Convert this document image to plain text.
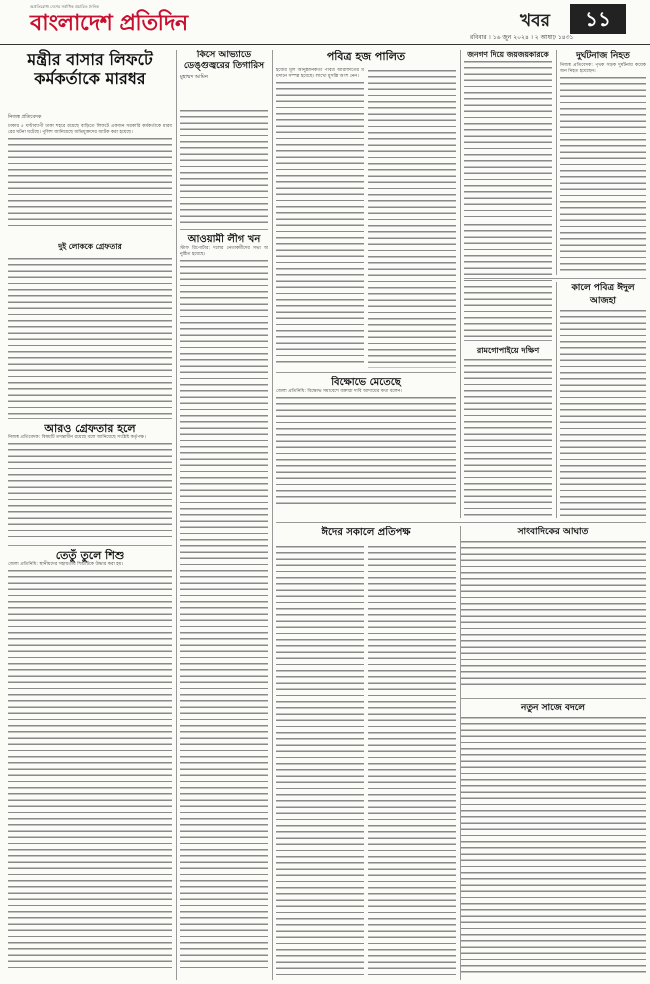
অপ্রতিরোধ্য দেশের সর্বাধিক প্রচারিত দৈনিক
বাংলাদেশ প্রতিদিন	খবর	১১
রবিবার । ১৬ জুন ২০২৪ । ২ আষাঢ় ১৪৩১
মন্ত্রীর বাসার লিফটে কর্মকর্তাকে মারধর
নিজস্ব প্রতিবেদক
ঢাকার ৫ ঘণ্টাব্যাপী ঢাকা শহরে রয়েছে বাড়িতে লিফটে একজন সরকারি কর্মকর্তাকে মারধরের ঘটনা ঘটেছে। পুলিশ জানিয়েছে অভিযুক্তদের আটক করা হয়েছে।
দুই লোককে গ্রেফতার
আরও গ্রেফতার হলে
নিজস্ব প্রতিবেদক: বিষয়টি তদন্তাধীন রয়েছে বলে জানিয়েছে সংশ্লিষ্ট কর্তৃপক্ষ।
তেতুঁ তুলে শিশু
জেলা প্রতিনিধি: স্থানীয়দের সহায়তায় শিশুটিকে উদ্ধার করা হয়।
কিসে আভ্যাডে ডেঙ্গুজ্বরের তিগারিস
মুহাম্মদ আমিন
আওয়ামী লীগ খন
স্টাফ রিপোর্টার: দলের নেতাকর্মীদের সভা অনুষ্ঠিত হয়েছে।
পবিত্র হজ পালিত
হজের মূল আনুষ্ঠানিকতা পবিত্র আরাফাতের ময়দানে সম্পন্ন হয়েছে। লাখো মুসল্লি অংশ নেন।
জনগণ দিয়ে জয়জয়কারকে
রামগোপাইয়ে দক্ষিণ
বিক্ষোভে মেতেছে
জেলা প্রতিনিধি: বিক্ষোভ সমাবেশে বক্তারা দাবি আদায়ের কথা বলেন।
ঈদের সকালে প্রতিপক্ষ
দুর্ঘটনাজ নিহত
নিজস্ব প্রতিবেদক: পৃথক সড়ক দুর্ঘটনায় কয়েকজন নিহত হয়েছেন।
কালে পবিত্র ঈদুল আজহা
সাংবাদিকের আঘাত
নতুন সাজে বদলে
